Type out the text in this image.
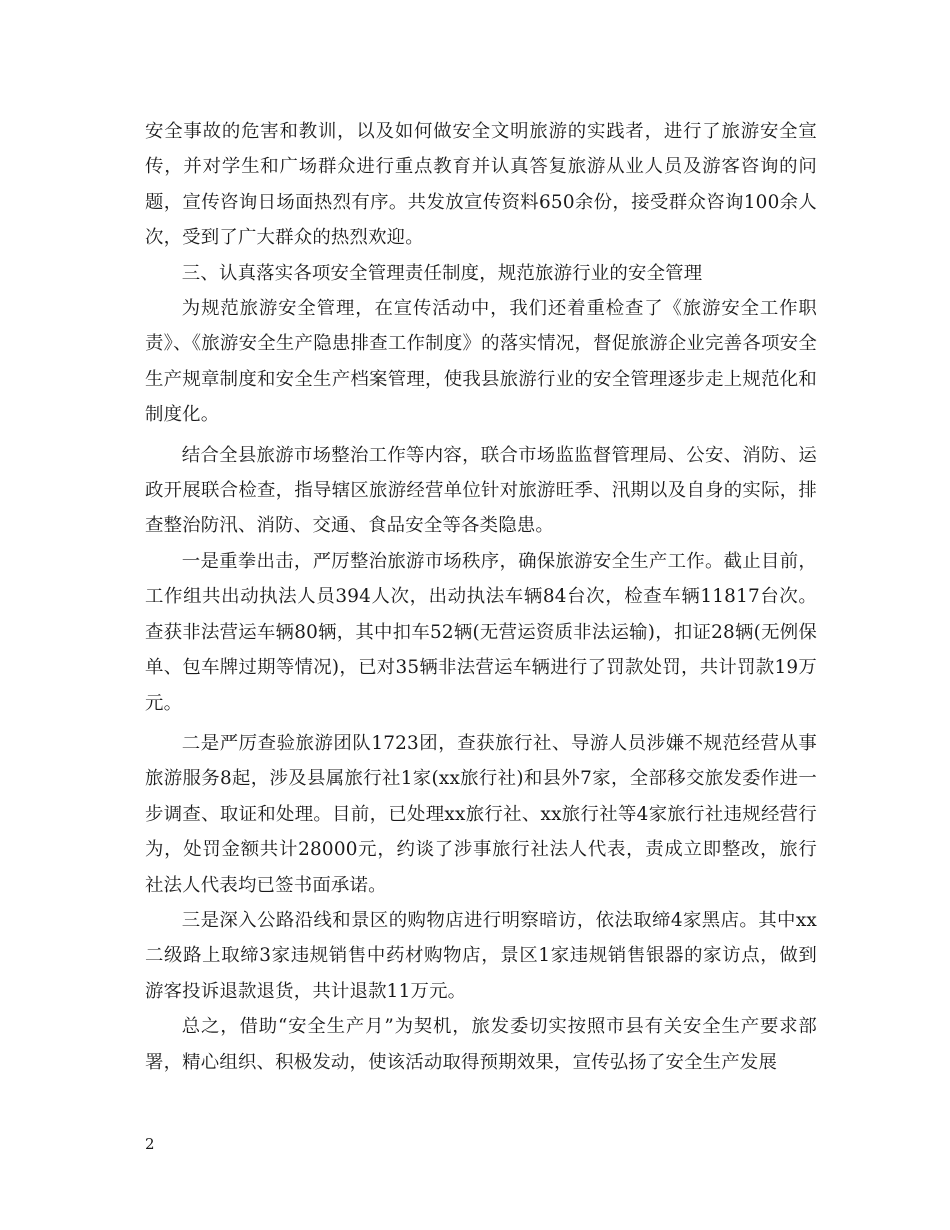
安全事故的危害和教训，以及如何做安全文明旅游的实践者，进行了旅游安全宣传，并对学生和广场群众进行重点教育并认真答复旅游从业人员及游客咨询的问题，宣传咨询日场面热烈有序。共发放宣传资料650余份，接受群众咨询100余人次，受到了广大群众的热烈欢迎。

三、认真落实各项安全管理责任制度，规范旅游行业的安全管理

为规范旅游安全管理，在宣传活动中，我们还着重检查了《旅游安全工作职责》、《旅游安全生产隐患排查工作制度》的落实情况，督促旅游企业完善各项安全生产规章制度和安全生产档案管理，使我县旅游行业的安全管理逐步走上规范化和制度化。

结合全县旅游市场整治工作等内容，联合市场监监督管理局、公安、消防、运政开展联合检查，指导辖区旅游经营单位针对旅游旺季、汛期以及自身的实际，排查整治防汛、消防、交通、食品安全等各类隐患。

一是重拳出击，严厉整治旅游市场秩序，确保旅游安全生产工作。截止目前，工作组共出动执法人员394人次，出动执法车辆84台次，检查车辆11817台次。查获非法营运车辆80辆，其中扣车52辆(无营运资质非法运输)，扣证28辆(无例保单、包车牌过期等情况)，已对35辆非法营运车辆进行了罚款处罚，共计罚款19万元。

二是严厉查验旅游团队1723团，查获旅行社、导游人员涉嫌不规范经营从事旅游服务8起，涉及县属旅行社1家(xx旅行社)和县外7家，全部移交旅发委作进一步调查、取证和处理。目前，已处理xx旅行社、xx旅行社等4家旅行社违规经营行为，处罚金额共计28000元，约谈了涉事旅行社法人代表，责成立即整改，旅行社法人代表均已签书面承诺。

三是深入公路沿线和景区的购物店进行明察暗访，依法取缔4家黑店。其中xx二级路上取缔3家违规销售中药材购物店，景区1家违规销售银器的家访点，做到游客投诉退款退货，共计退款11万元。

总之，借助“安全生产月”为契机，旅发委切实按照市县有关安全生产要求部署，精心组织、积极发动，使该活动取得预期效果，宣传弘扬了安全生产发展

2
